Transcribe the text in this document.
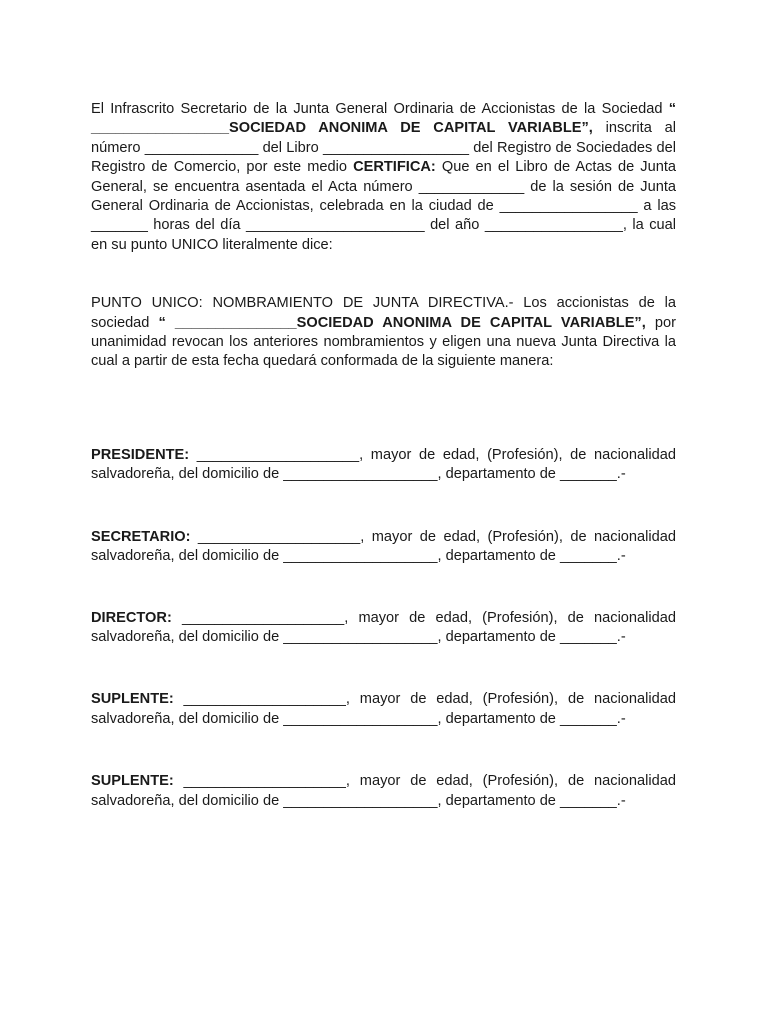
El Infrascrito Secretario de la Junta General Ordinaria de Accionistas de la Sociedad “ _________________SOCIEDAD ANONIMA DE CAPITAL VARIABLE”, inscrita al número ______________ del Libro __________________ del Registro de Sociedades del Registro de Comercio, por este medio CERTIFICA: Que en el Libro de Actas de Junta General, se encuentra asentada el Acta número _____________ de la sesión de Junta General Ordinaria de Accionistas, celebrada en la ciudad de _________________ a las _______ horas del día ______________________ del año _________________, la cual en su punto UNICO literalmente dice:

PUNTO UNICO: NOMBRAMIENTO DE JUNTA DIRECTIVA.- Los accionistas de la sociedad “ _______________SOCIEDAD ANONIMA DE CAPITAL VARIABLE”, por unanimidad revocan los anteriores nombramientos y eligen una nueva Junta Directiva la cual a partir de esta fecha quedará conformada de la siguiente manera:

PRESIDENTE: ____________________, mayor de edad, (Profesión), de nacionalidad salvadoreña, del domicilio de ___________________, departamento de _______.-

SECRETARIO: ____________________, mayor de edad, (Profesión), de nacionalidad salvadoreña, del domicilio de ___________________, departamento de _______.-

DIRECTOR: ____________________, mayor de edad, (Profesión), de nacionalidad salvadoreña, del domicilio de ___________________, departamento de _______.-

SUPLENTE: ____________________, mayor de edad, (Profesión), de nacionalidad salvadoreña, del domicilio de ___________________, departamento de _______.-

SUPLENTE: ____________________, mayor de edad, (Profesión), de nacionalidad salvadoreña, del domicilio de ___________________, departamento de _______.-
